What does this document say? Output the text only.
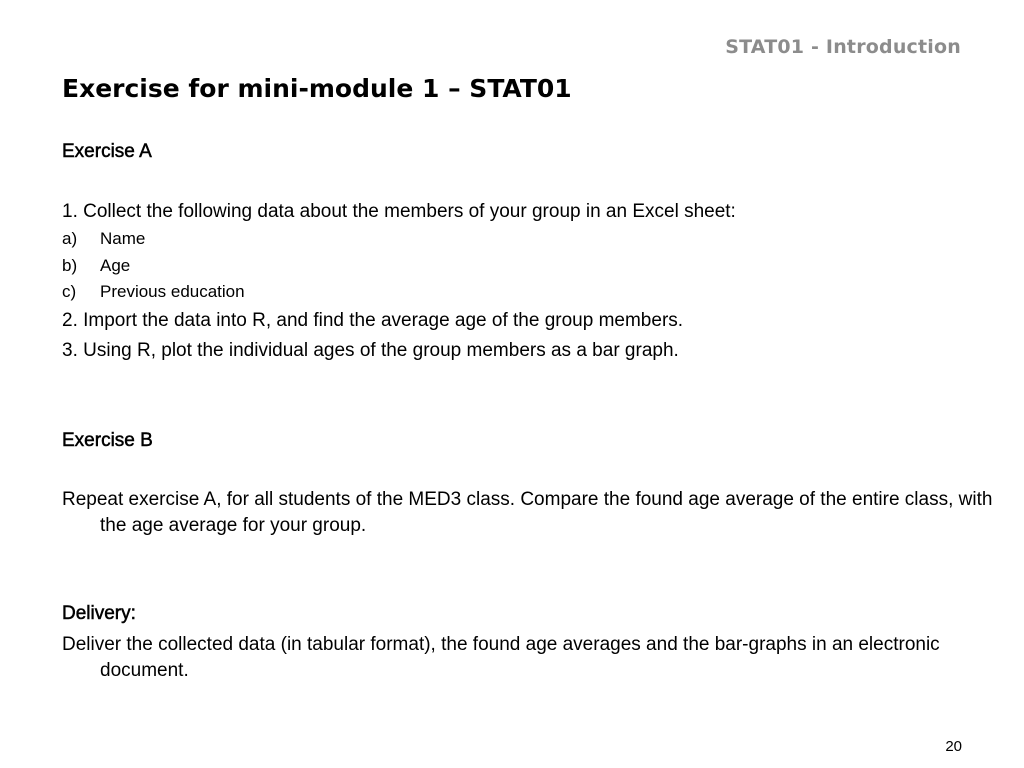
STAT01 - Introduction
Exercise for mini-module 1 – STAT01
Exercise A
1. Collect the following data about the members of your group in an Excel sheet:
a) Name
b) Age
c) Previous education
2. Import the data into R, and find the average age of the group members.
3. Using R, plot the individual ages of the group members as a bar graph.
Exercise B
Repeat exercise A, for all students of the MED3 class. Compare the found age average of the entire class, with the age average for your group.
Delivery:
Deliver the collected data (in tabular format), the found age averages and the bar-graphs in an electronic document.
20
